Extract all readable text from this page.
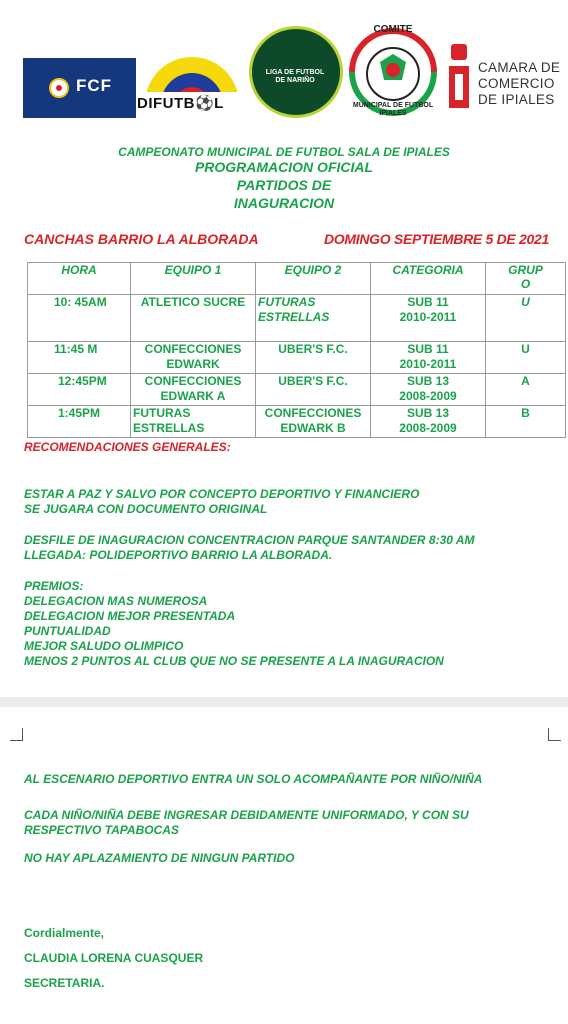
FCF
DIFUTB⚽L
LIGA DE FUTBOL DE NARIÑO
COMITE
MUNICIPAL DE FUTBOL IPIALES
CAMARA DE
COMERCIO
DE IPIALES
CAMPEONATO MUNICIPAL DE FUTBOL SALA DE IPIALES
PROGRAMACION OFICIAL
PARTIDOS DE
INAGURACION
CANCHAS BARRIO LA ALBORADA	DOMINGO SEPTIEMBRE 5 DE 2021
HORA	EQUIPO 1	EQUIPO 2	CATEGORIA	GRUP
O
10: 45AM	ATLETICO SUCRE	FUTURAS ESTRELLAS	SUB 11 2010-2011	U
11:45 M	CONFECCIONES EDWARK	UBER'S F.C.	SUB 11 2010-2011	U
12:45PM	CONFECCIONES EDWARK A	UBER'S F.C.	SUB 13 2008-2009	A
1:45PM	FUTURAS ESTRELLAS	CONFECCIONES EDWARK B	SUB 13 2008-2009	B
RECOMENDACIONES GENERALES:
ESTAR A PAZ Y SALVO POR CONCEPTO DEPORTIVO Y FINANCIERO
SE JUGARA CON DOCUMENTO ORIGINAL
DESFILE DE INAGURACION CONCENTRACION PARQUE SANTANDER 8:30 AM
LLEGADA: POLIDEPORTIVO BARRIO LA ALBORADA.
PREMIOS:
DELEGACION MAS NUMEROSA
DELEGACION MEJOR PRESENTADA
PUNTUALIDAD
MEJOR SALUDO OLIMPICO
MENOS 2 PUNTOS AL CLUB QUE NO SE PRESENTE A LA INAGURACION
AL ESCENARIO DEPORTIVO ENTRA UN SOLO ACOMPAÑANTE POR NIÑO/NIÑA
CADA NIÑO/NIÑA DEBE INGRESAR DEBIDAMENTE UNIFORMADO, Y CON SU
RESPECTIVO TAPABOCAS
NO HAY APLAZAMIENTO DE NINGUN PARTIDO
Cordialmente,
CLAUDIA LORENA CUASQUER
SECRETARIA.
